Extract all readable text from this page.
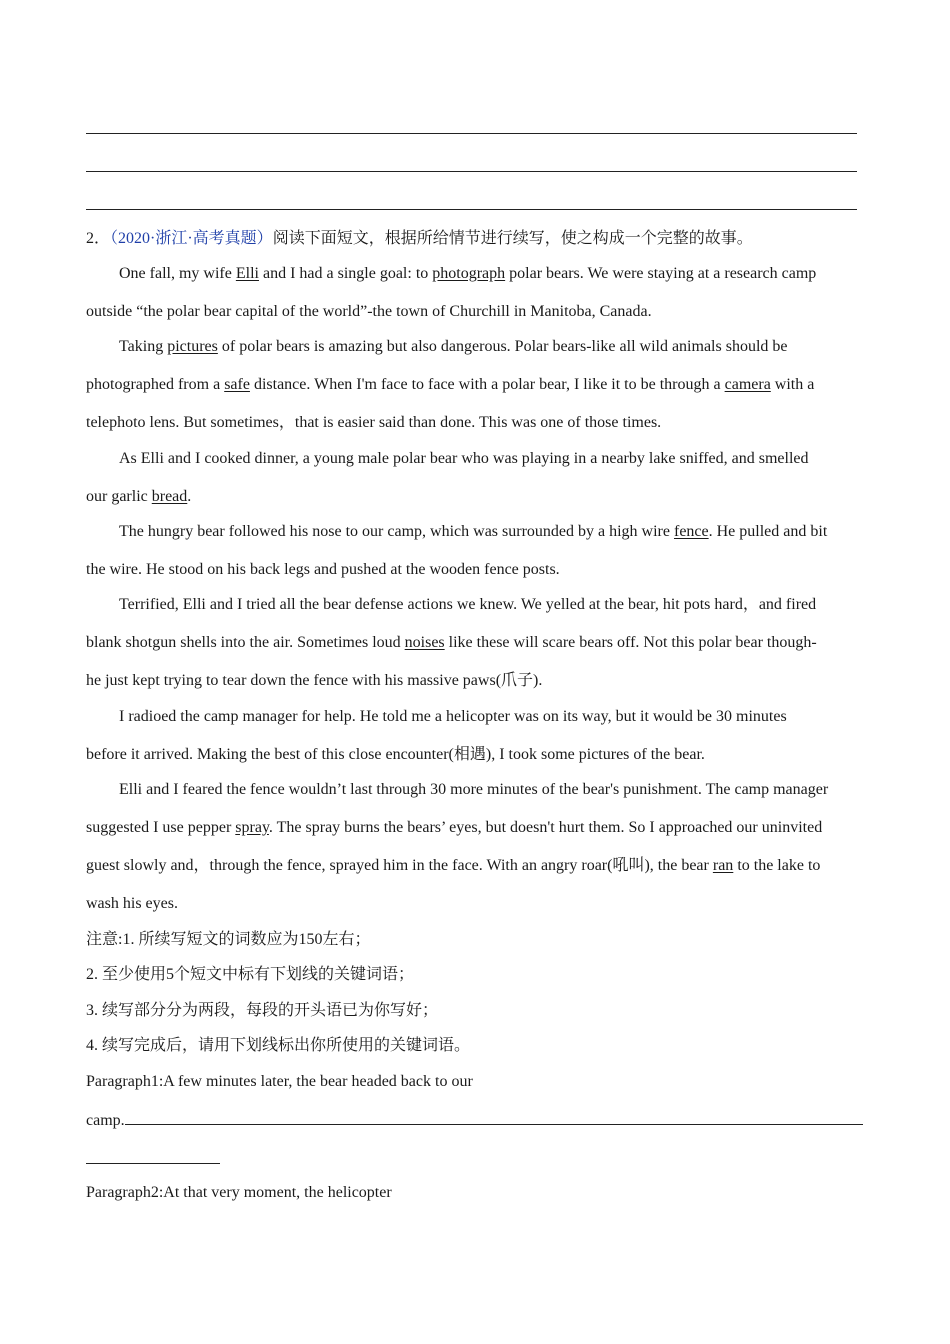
2．（2020·浙江·高考真题）阅读下面短文，根据所给情节进行续写，使之构成一个完整的故事。
One fall, my wife Elli and I had a single goal: to photograph polar bears. We were staying at a research camp
outside “the polar bear capital of the world”-the town of Churchill in Manitoba, Canada.
Taking pictures of polar bears is amazing but also dangerous. Polar bears-like all wild animals should be
photographed from a safe distance. When I'm face to face with a polar bear, I like it to be through a camera with a
telephoto lens. But sometimes，that is easier said than done. This was one of those times.
As Elli and I cooked dinner, a young male polar bear who was playing in a nearby lake sniffed, and smelled
our garlic bread.
The hungry bear followed his nose to our camp, which was surrounded by a high wire fence. He pulled and bit
the wire. He stood on his back legs and pushed at the wooden fence posts.
Terrified, Elli and I tried all the bear defense actions we knew. We yelled at the bear, hit pots hard，and fired
blank shotgun shells into the air. Sometimes loud noises like these will scare bears off. Not this polar bear though-
he just kept trying to tear down the fence with his massive paws(爪子).
I radioed the camp manager for help. He told me a helicopter was on its way, but it would be 30 minutes
before it arrived. Making the best of this close encounter(相遇), I took some pictures of the bear.
Elli and I feared the fence wouldn’t last through 30 more minutes of the bear's punishment. The camp manager
suggested I use pepper spray. The spray burns the bears’ eyes, but doesn't hurt them. So I approached our uninvited
guest slowly and，through the fence, sprayed him in the face. With an angry roar(吼叫), the bear ran to the lake to
wash his eyes.
注意:1. 所续写短文的词数应为150左右；
2. 至少使用5个短文中标有下划线的关键词语；
3. 续写部分分为两段，每段的开头语已为你写好；
4. 续写完成后，请用下划线标出你所使用的关键词语。
Paragraph1:A few minutes later, the bear headed back to our
camp.
Paragraph2:At that very moment, the helicopter
